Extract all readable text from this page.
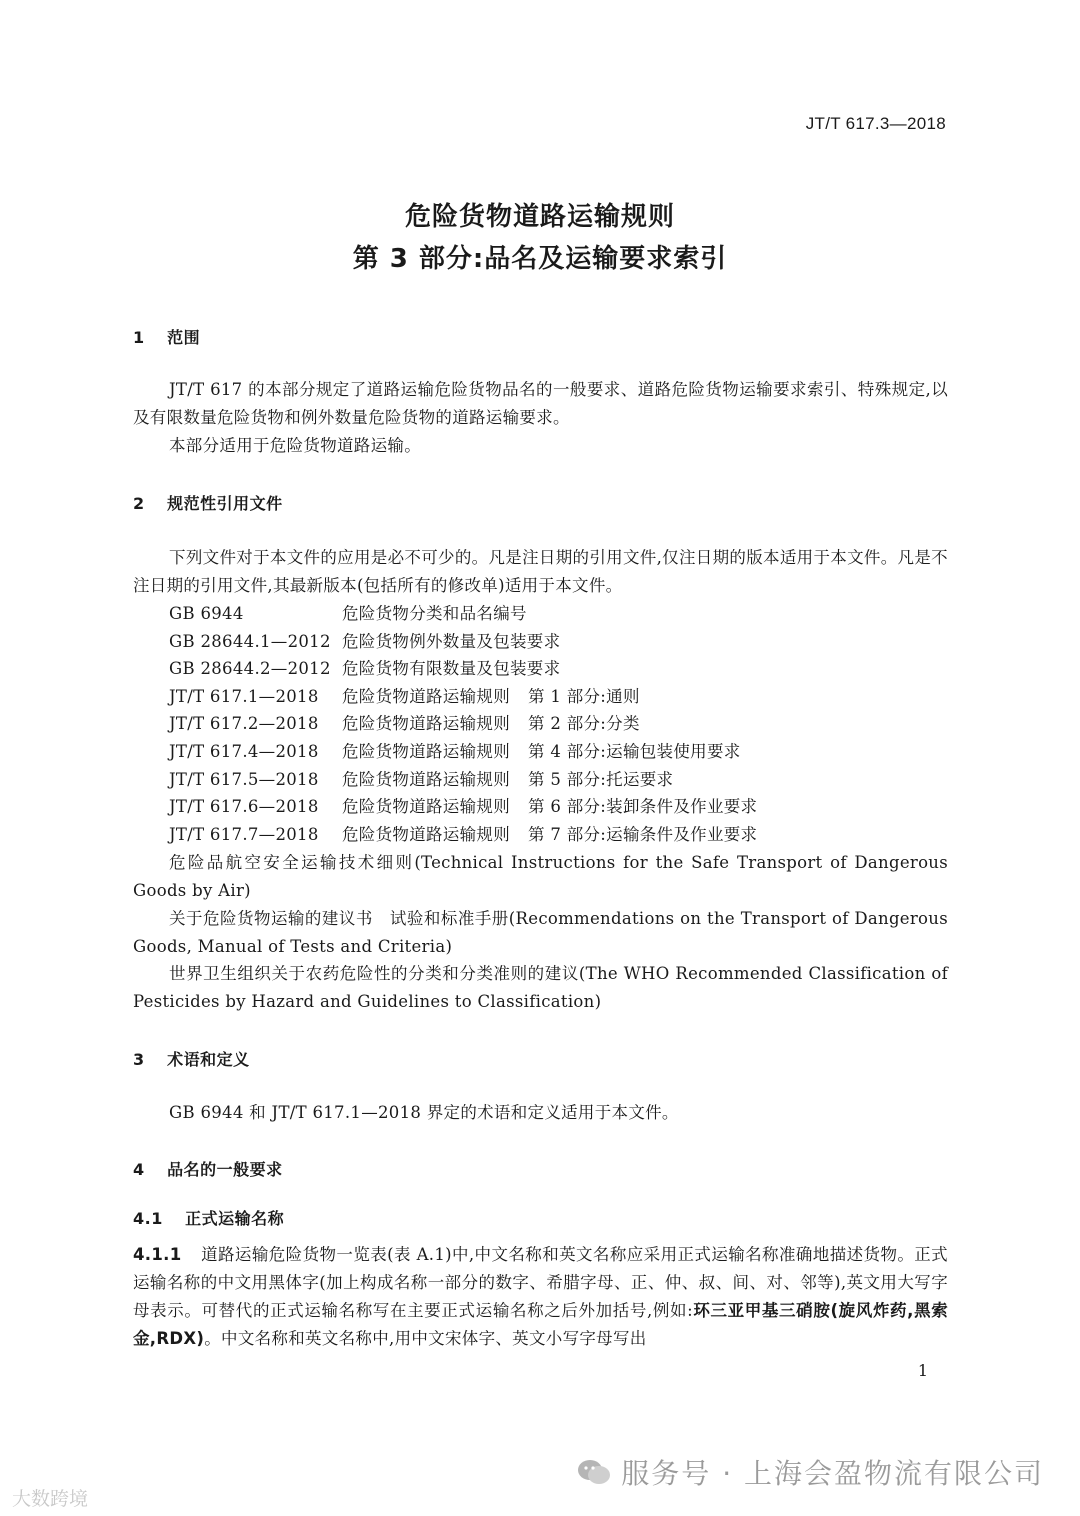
JT/T 617.3—2018
危险货物道路运输规则
第 3 部分:品名及运输要求索引
1 范围
JT/T 617 的本部分规定了道路运输危险货物品名的一般要求、道路危险货物运输要求索引、特殊规定,以及有限数量危险货物和例外数量危险货物的道路运输要求。
本部分适用于危险货物道路运输。
2 规范性引用文件
下列文件对于本文件的应用是必不可少的。凡是注日期的引用文件,仅注日期的版本适用于本文件。凡是不注日期的引用文件,其最新版本(包括所有的修改单)适用于本文件。
GB 6944	危险货物分类和品名编号
GB 28644.1—2012 危险货物例外数量及包装要求
GB 28644.2—2012 危险货物有限数量及包装要求
JT/T 617.1—2018 危险货物道路运输规则 第 1 部分:通则
JT/T 617.2—2018 危险货物道路运输规则 第 2 部分:分类
JT/T 617.4—2018 危险货物道路运输规则 第 4 部分:运输包装使用要求
JT/T 617.5—2018 危险货物道路运输规则 第 5 部分:托运要求
JT/T 617.6—2018 危险货物道路运输规则 第 6 部分:装卸条件及作业要求
JT/T 617.7—2018 危险货物道路运输规则 第 7 部分:运输条件及作业要求
危险品航空安全运输技术细则(Technical Instructions for the Safe Transport of Dangerous Goods by Air)
关于危险货物运输的建议书　试验和标准手册(Recommendations on the Transport of Dangerous Goods, Manual of Tests and Criteria)
世界卫生组织关于农药危险性的分类和分类准则的建议(The WHO Recommended Classification of Pesticides by Hazard and Guidelines to Classification)
3 术语和定义
GB 6944 和 JT/T 617.1—2018 界定的术语和定义适用于本文件。
4 品名的一般要求
4.1 正式运输名称
4.1.1 道路运输危险货物一览表(表 A.1)中,中文名称和英文名称应采用正式运输名称准确地描述货物。正式运输名称的中文用黑体字(加上构成名称一部分的数字、希腊字母、正、仲、叔、间、对、邻等),英文用大写字母表示。可替代的正式运输名称写在主要正式运输名称之后外加括号,例如:环三亚甲基三硝胺(旋风炸药,黑索金,RDX)。中文名称和英文名称中,用中文宋体字、英文小写字母写出
1
大数跨境
服务号 · 上海会盈物流有限公司
